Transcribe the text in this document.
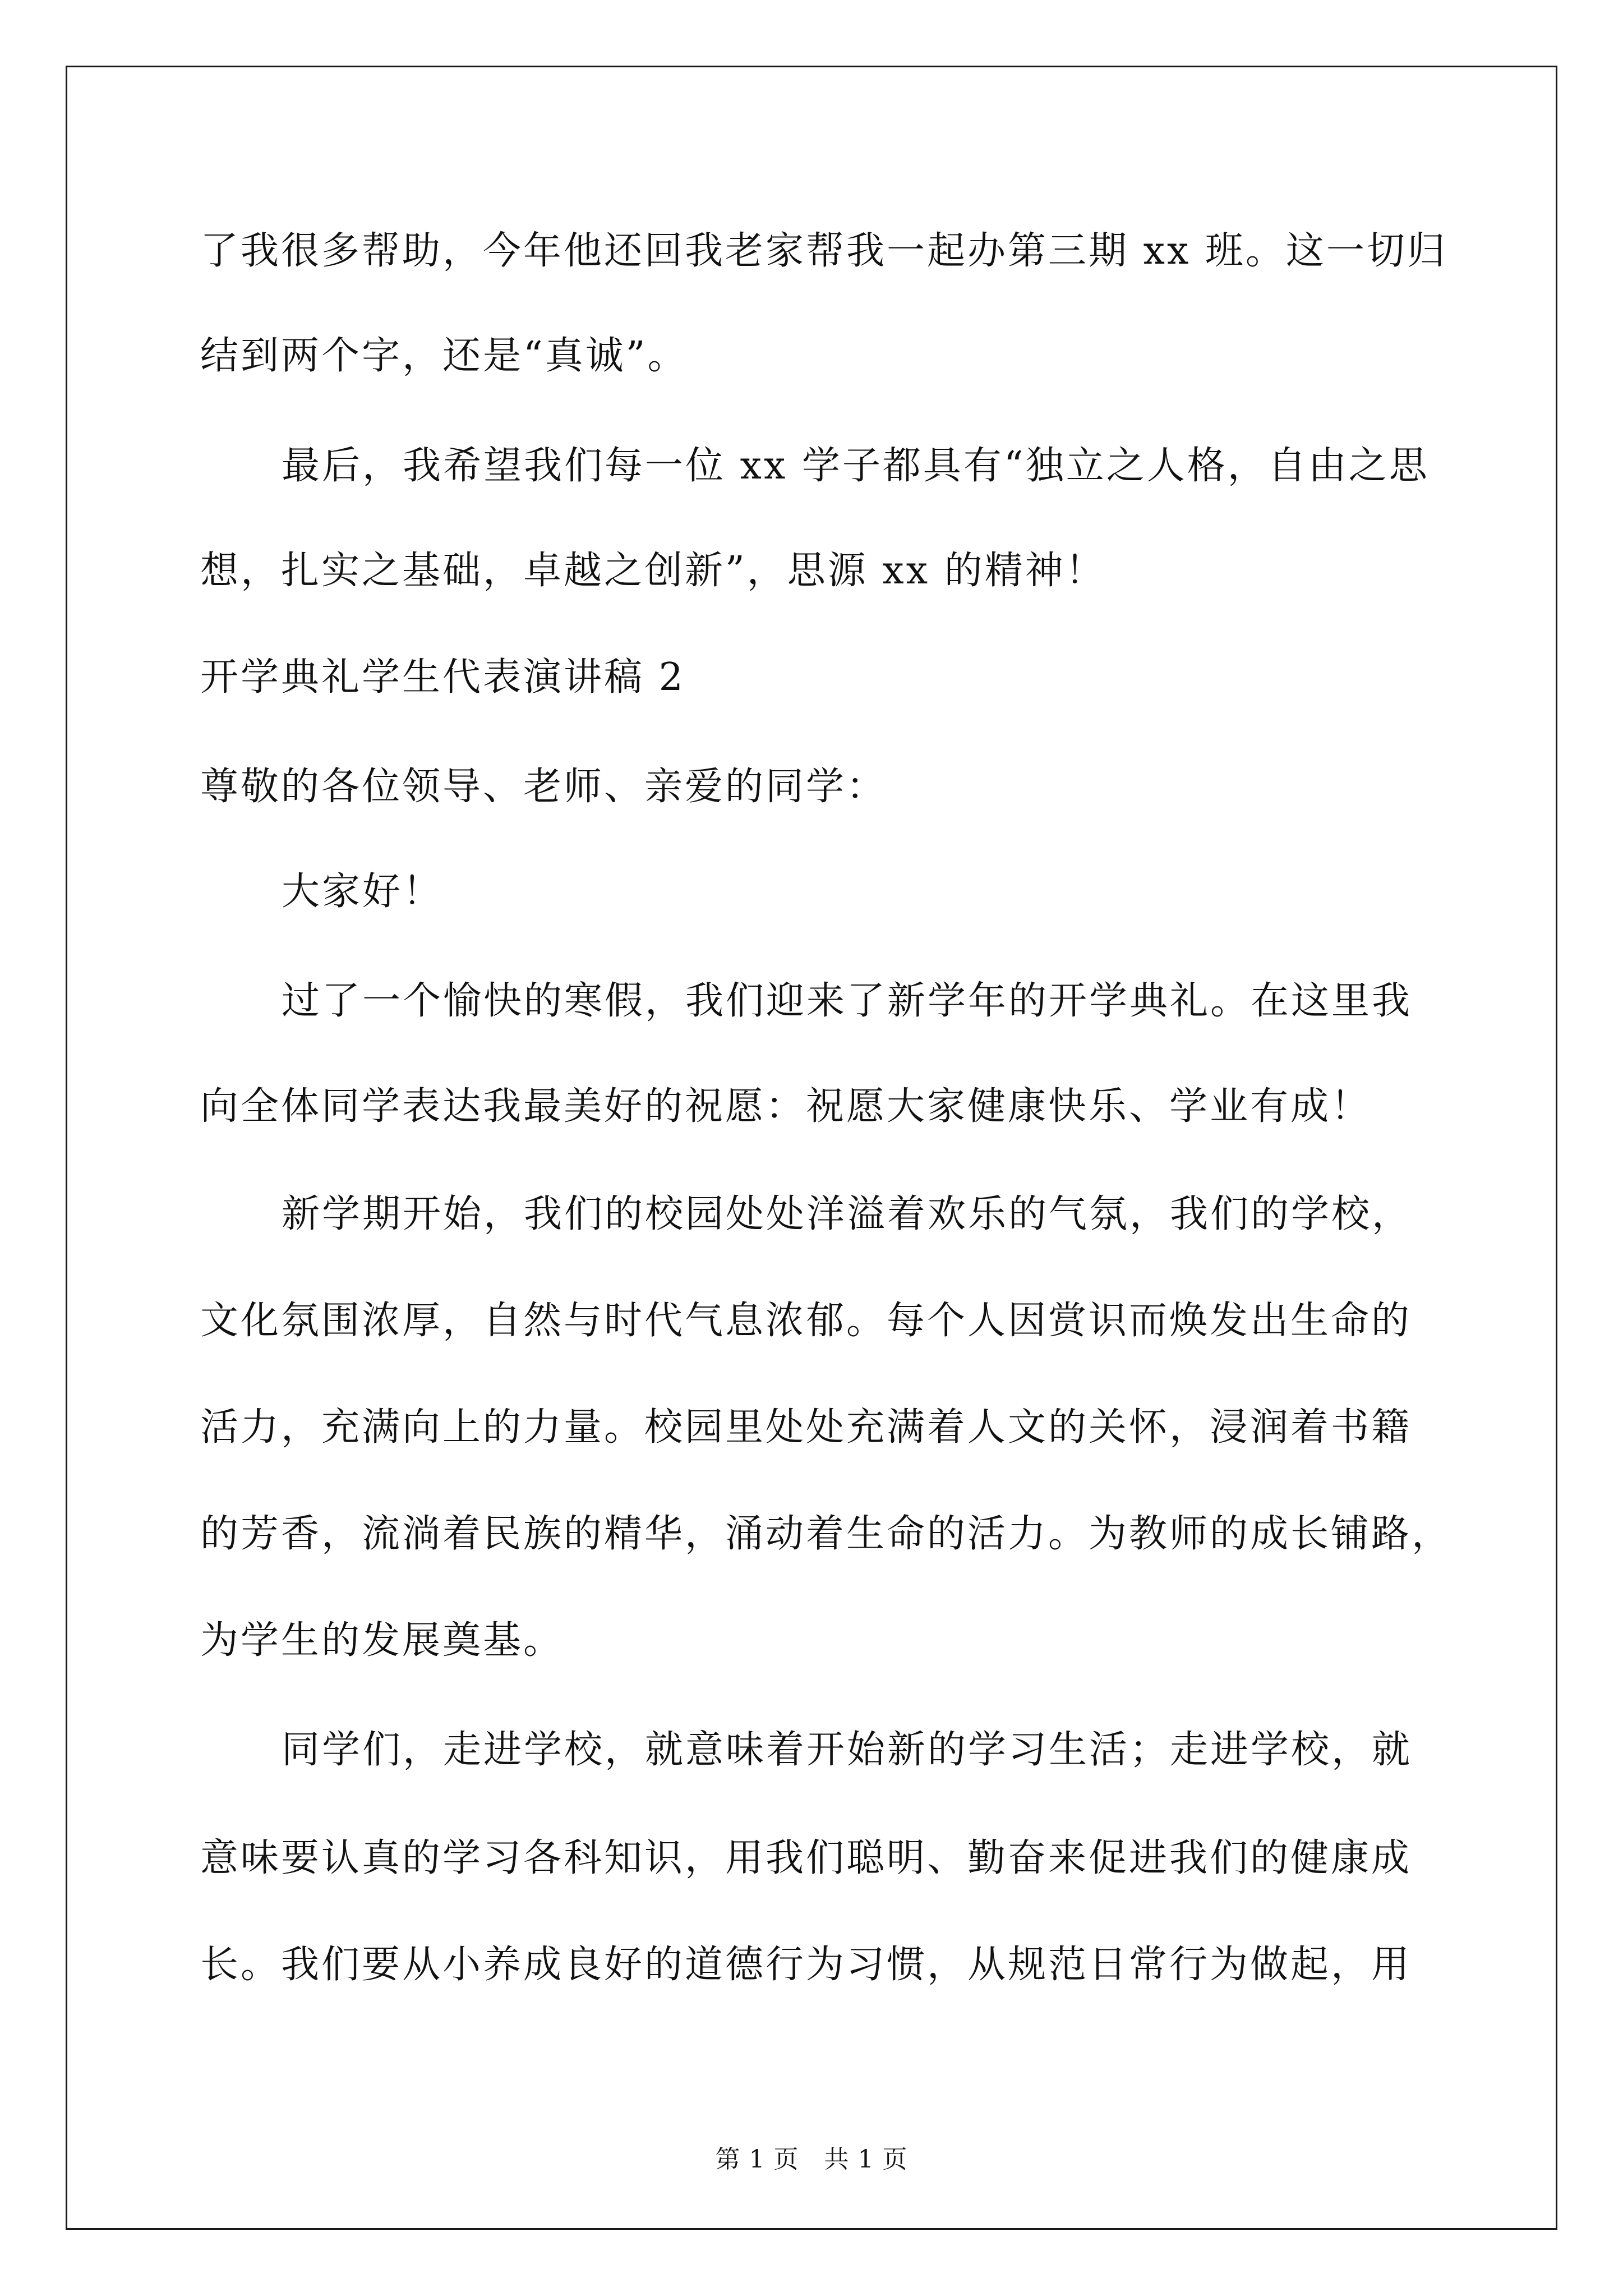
了我很多帮助，今年他还回我老家帮我一起办第三期 xx 班。这一切归

结到两个字，还是“真诚”。

最后，我希望我们每一位 xx 学子都具有“独立之人格，自由之思

想，扎实之基础，卓越之创新”，思源 xx 的精神！

开学典礼学生代表演讲稿 2

尊敬的各位领导、老师、亲爱的同学：

大家好！

过了一个愉快的寒假，我们迎来了新学年的开学典礼。在这里我

向全体同学表达我最美好的祝愿：祝愿大家健康快乐、学业有成！

新学期开始，我们的校园处处洋溢着欢乐的气氛，我们的学校，

文化氛围浓厚，自然与时代气息浓郁。每个人因赏识而焕发出生命的

活力，充满向上的力量。校园里处处充满着人文的关怀，浸润着书籍

的芳香，流淌着民族的精华，涌动着生命的活力。为教师的成长铺路，

为学生的发展奠基。

同学们，走进学校，就意味着开始新的学习生活；走进学校，就

意味要认真的学习各科知识，用我们聪明、勤奋来促进我们的健康成

长。我们要从小养成良好的道德行为习惯，从规范日常行为做起，用

第 1 页　共 1 页
